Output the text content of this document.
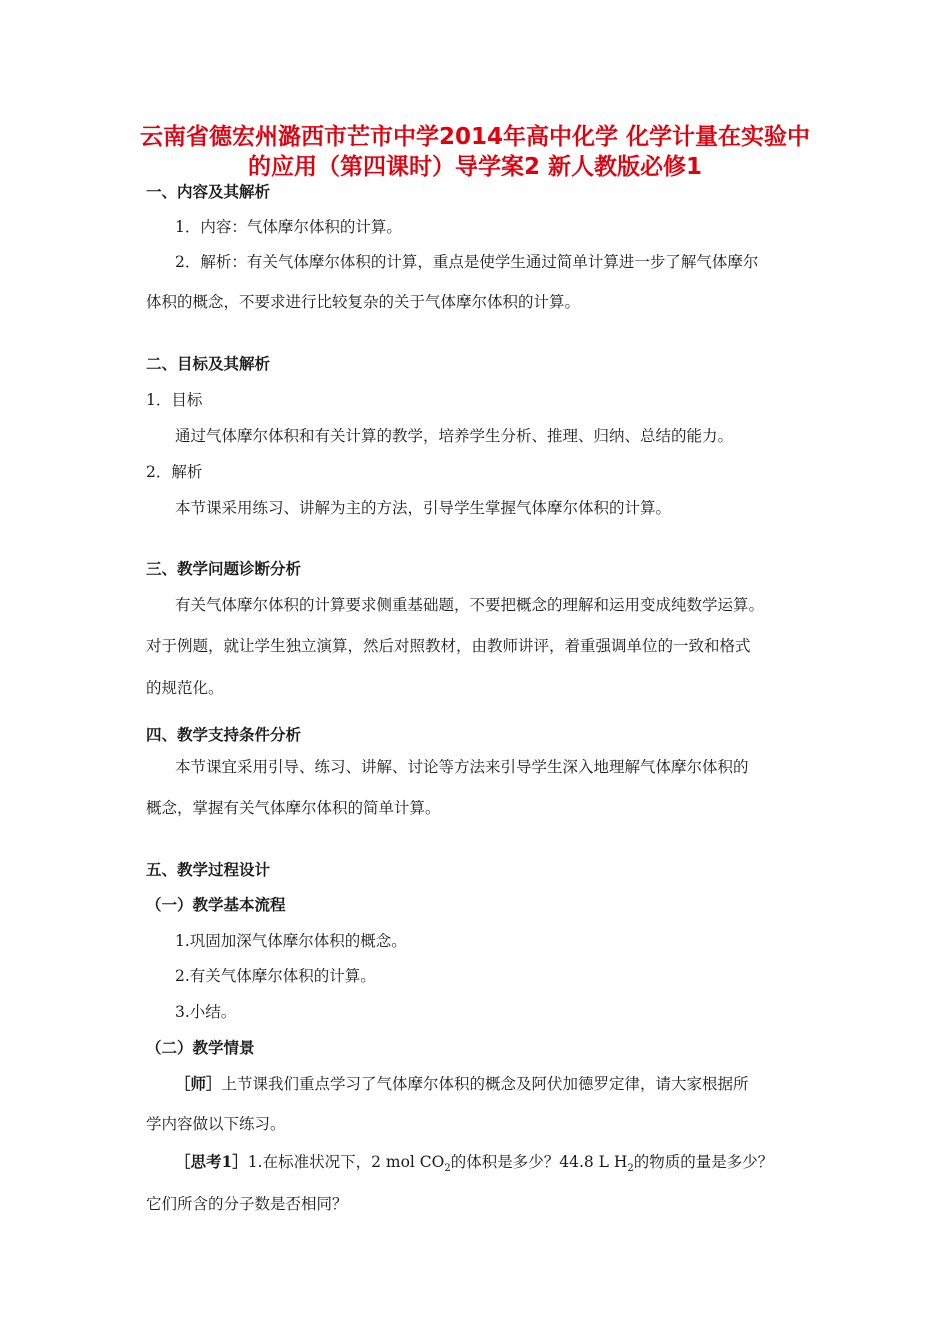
云南省德宏州潞西市芒市中学2014年高中化学 化学计量在实验中
的应用（第四课时）导学案2 新人教版必修1
一、内容及其解析
1．内容：气体摩尔体积的计算。
2．解析：有关气体摩尔体积的计算，重点是使学生通过简单计算进一步了解气体摩尔
体积的概念，不要求进行比较复杂的关于气体摩尔体积的计算。
二、目标及其解析
1．目标
通过气体摩尔体积和有关计算的教学，培养学生分析、推理、归纳、总结的能力。
2．解析
本节课采用练习、讲解为主的方法，引导学生掌握气体摩尔体积的计算。
三、教学问题诊断分析
有关气体摩尔体积的计算要求侧重基础题，不要把概念的理解和运用变成纯数学运算。
对于例题，就让学生独立演算，然后对照教材，由教师讲评，着重强调单位的一致和格式
的规范化。
四、教学支持条件分析
本节课宜采用引导、练习、讲解、讨论等方法来引导学生深入地理解气体摩尔体积的
概念，掌握有关气体摩尔体积的简单计算。
五、教学过程设计
（一）教学基本流程
1.巩固加深气体摩尔体积的概念。
2.有关气体摩尔体积的计算。
3.小结。
（二）教学情景
［师］上节课我们重点学习了气体摩尔体积的概念及阿伏加德罗定律，请大家根据所
学内容做以下练习。
［思考1］1.在标准状况下，2 mol $CO_2$的体积是多少？44.8 L $H_2$的物质的量是多少？
它们所含的分子数是否相同？
